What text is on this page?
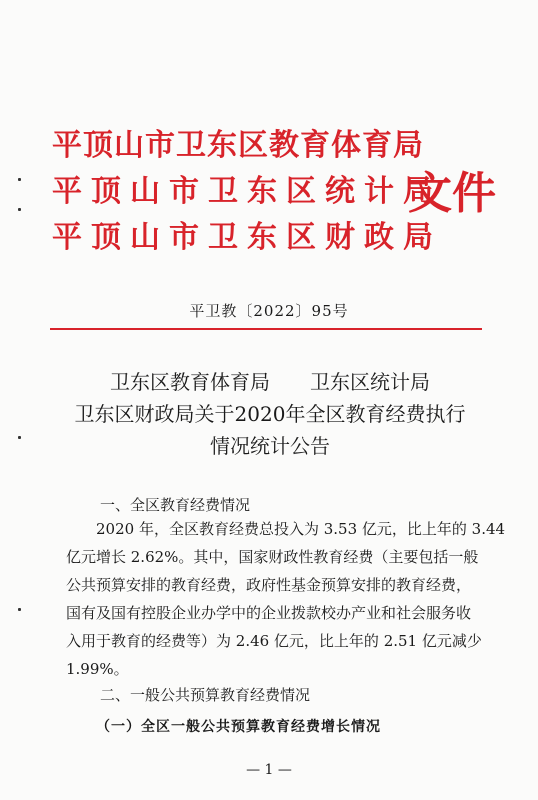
平顶山市卫东区教育体育局
平顶山市卫东区统计局
平顶山市卫东区财政局
文件
平卫教〔2022〕95号
卫东区教育体育局　　卫东区统计局
卫东区财政局关于2020年全区教育经费执行
情况统计公告
一、全区教育经费情况
2020 年，全区教育经费总投入为 3.53 亿元，比上年的 3.44
亿元增长 2.62%。其中，国家财政性教育经费（主要包括一般
公共预算安排的教育经费，政府性基金预算安排的教育经费，
国有及国有控股企业办学中的企业拨款校办产业和社会服务收
入用于教育的经费等）为 2.46 亿元，比上年的 2.51 亿元减少
1.99%。
二、一般公共预算教育经费情况
（一）全区一般公共预算教育经费增长情况
— 1 —
